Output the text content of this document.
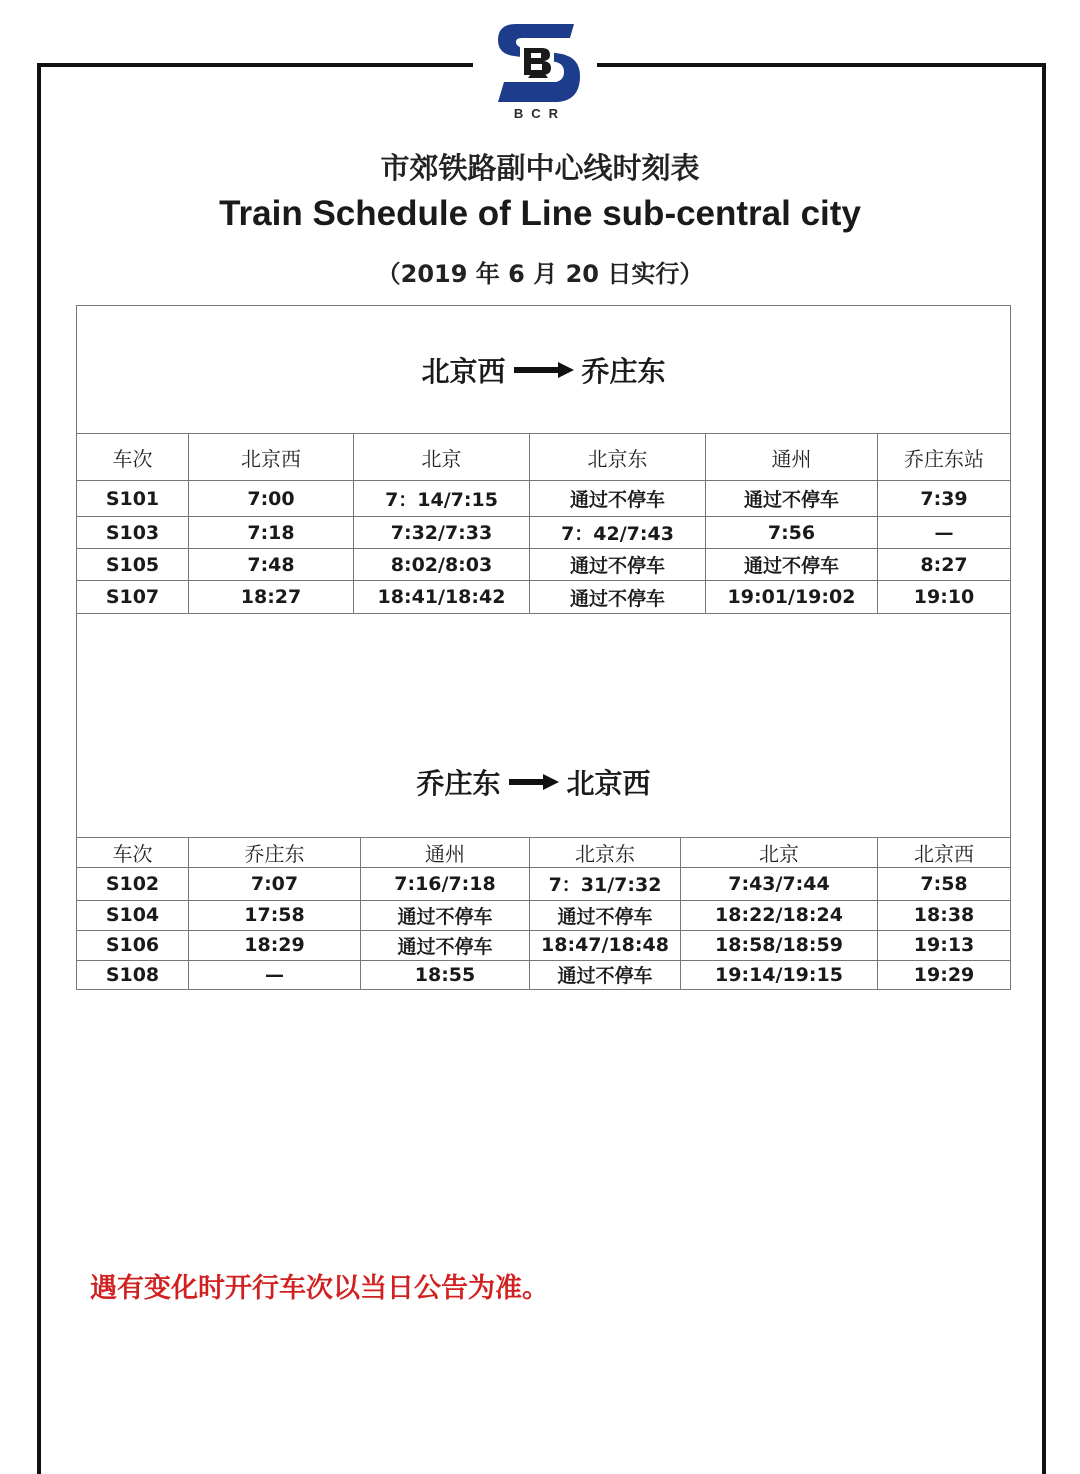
BCR
市郊铁路副中心线时刻表
Train Schedule of Line sub-central city
（2019 年 6 月 20 日实行）
北京西 乔庄东					

车次	北京西	北京	北京东	通州	乔庄东站
S101	7:00	7：14/7:15	通过不停车	通过不停车	7:39
S103	7:18	7:32/7:33	7：42/7:43	7:56	—
S105	7:48	8:02/8:03	通过不停车	通过不停车	8:27
S107	18:27	18:41/18:42	通过不停车	19:01/19:02	19:10
乔庄东 北京西					

车次	乔庄东	通州	北京东	北京	北京西
S102	7:07	7:16/7:18	7：31/7:32	7:43/7:44	7:58
S104	17:58	通过不停车	通过不停车	18:22/18:24	18:38
S106	18:29	通过不停车	18:47/18:48	18:58/18:59	19:13
S108	—	18:55	通过不停车	19:14/19:15	19:29
遇有变化时开行车次以当日公告为准。
